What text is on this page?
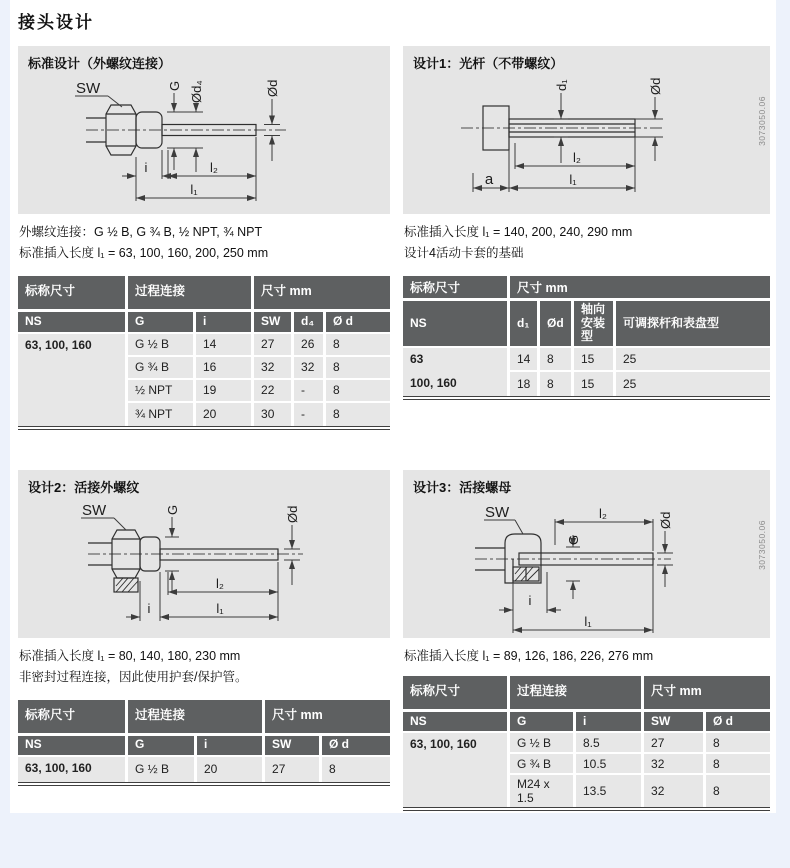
接头设计
标准设计（外螺纹连接）
SW	G Ød₄	Ød
i	l₂
l₁
外螺纹连接：G ½ B, G ¾ B, ½ NPT, ¾ NPT
标准插入长度 l₁ = 63, 100, 160, 200, 250 mm
标称尺寸	过程连接		尺寸 mm		
NS	G	i	SW	d₄	Ø d
63, 100, 160	G ½ B	14	27	26	8
	G ¾ B	16	32	32	8
	½ NPT	19	22	-	8
	¾ NPT	20	30	-	8
设计1：光杆（不带螺纹）
3073050.06
d₁	Ød
l₂
a	l₁
标准插入长度 l₁ = 140, 200, 240, 290 mm
设计4活动卡套的基础
标称尺寸	尺寸 mm			
NS	d₁	Ød	轴向安装型	可调探杆和表盘型
63	14	8	15	25
100, 160	18	8	15	25
设计2：活接外螺纹
SW	G	Ød
l₂
i	l₁
标准插入长度 l₁ = 80, 140, 180, 230 mm
非密封过程连接，因此使用护套/保护管。
标称尺寸	过程连接		尺寸 mm	
NS	G	i	SW	Ø d
63, 100, 160	G ½ B	20	27	8
设计3：活接螺母
3073050.06
SW	l₂
G
Ød
i
l₁
标准插入长度 l₁ = 89, 126, 186, 226, 276 mm
标称尺寸	过程连接		尺寸 mm	
NS	G	i	SW	Ø d
63, 100, 160	G ½ B	8.5	27	8
	G ¾ B	10.5	32	8
	M24 x 1.5	13.5	32	8
